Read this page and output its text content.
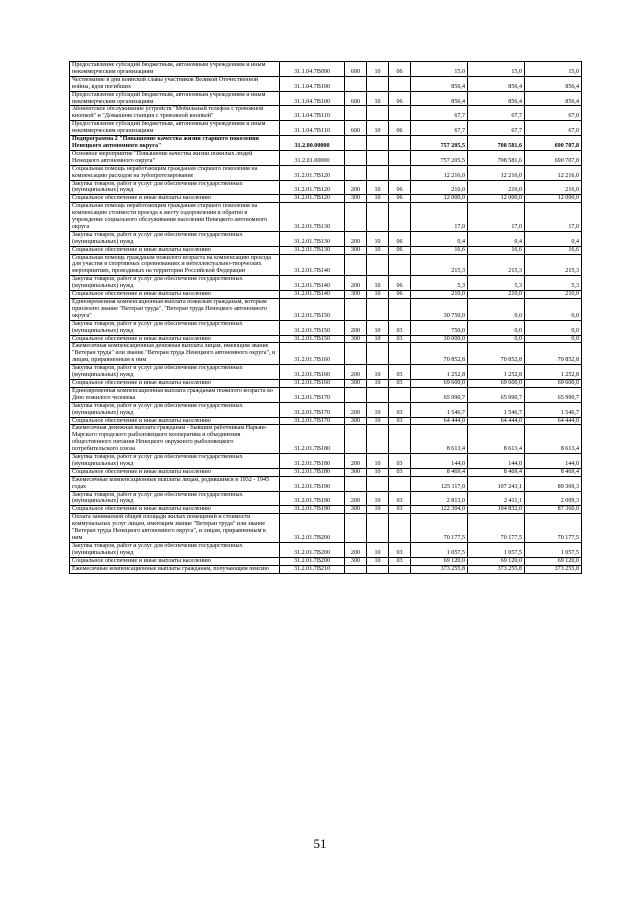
Предоставление субсидий бюджетным, автономным учреждениям и иным некоммерческим организациям	31.1.04.7В090	600	10	06	15,0	15,0	15,0
Чествование в дни воинской славы участников Великой Отечественной войны, вдов погибших	31.1.04.7В100				856,4	856,4	856,4
Предоставление субсидий бюджетным, автономным учреждениям и иным некоммерческим организациям	31.1.04.7В100	600	10	06	856,4	856,4	856,4
Абонентское обслуживание устройств "Мобильный телефон с тревожной кнопкой" и "Домашняя станция с тревожной кнопкой"	31.1.04.7В110				67,7	67,7	67,0
Предоставление субсидий бюджетным, автономным учреждениям и иным некоммерческим организациям	31.1.04.7В110	600	10	06	67,7	67,7	67,0
Подпрограмма 2 "Повышение качества жизни старшего поколения Ненецкого автономного округа"	31.2.00.00000				757 205,5	708 581,6	690 707,8
Основное мероприятие "Повышение качества жизни пожилых людей Ненецкого автономного округа"	31.2.01.00000				757 205,5	708 581,6	690 707,8
Социальная помощь неработающим гражданам старшего поколения на компенсацию расходов на зубопротезирование	31.2.01.7В120				12 216,0	12 216,0	12 216,0
Закупка товаров, работ и услуг для обеспечения государственных (муниципальных) нужд	31.2.01.7В120	200	10	06	216,0	216,0	216,0
Социальное обеспечение и иные выплаты населению	31.2.01.7В120	300	10	06	12 000,0	12 000,0	12 000,0
Социальная помощь неработающим гражданам старшего поколения на компенсацию стоимости проезда к месту оздоровления и обратно в учреждение социального обслуживания населения Ненецкого автономного округа	31.2.01.7В130				17,0	17,0	17,0
Закупка товаров, работ и услуг для обеспечения государственных (муниципальных) нужд	31.2.01.7В130	200	10	06	0,4	0,4	0,4
Социальное обеспечение и иные выплаты населению	31.2.01.7В130	300	10	06	16,6	16,6	16,6
Социальная помощь гражданам пожилого возраста на компенсацию проезда для участия в спортивных соревнованиях и интеллектуально-творческих мероприятиях, проводимых на территории Российской Федерации	31.2.01.7В140				215,3	215,3	215,3
Закупка товаров, работ и услуг для обеспечения государственных (муниципальных) нужд	31.2.01.7В140	200	10	06	5,3	5,3	5,3
Социальное обеспечение и иные выплаты населению	31.2.01.7В140	300	10	06	210,0	210,0	210,0
Единовременная компенсационная выплата пожилым гражданам, которым присвоено звание "Ветеран труда", "Ветеран труда Ненецкого автономного округа"	31.2.01.7В150				30 750,0	0,0	0,0
Закупка товаров, работ и услуг для обеспечения государственных (муниципальных) нужд	31.2.01.7В150	200	10	03	750,0	0,0	0,0
Социальное обеспечение и иные выплаты населению	31.2.01.7В150	300	10	03	30 000,0	0,0	0,0
Ежемесячная компенсационная денежная выплата лицам, имеющим звание "Ветеран труда" или звание "Ветеран труда Ненецкого автономного округа", и лицам, приравненным к ним	31.2.01.7В160				70 852,8	70 852,8	70 852,8
Закупка товаров, работ и услуг для обеспечения государственных (муниципальных) нужд	31.2.01.7В160	200	10	03	1 252,8	1 252,8	1 252,8
Социальное обеспечение и иные выплаты населению	31.2.01.7В160	300	10	03	69 600,0	69 600,0	69 600,0
Единовременная компенсационная выплата гражданам пожилого возраста ко Дню пожилого человека	31.2.01.7В170				65 990,7	65 990,7	65 990,7
Закупка товаров, работ и услуг для обеспечения государственных (муниципальных) нужд	31.2.01.7В170	200	10	03	1 546,7	1 546,7	1 546,7
Социальное обеспечение и иные выплаты населению	31.2.01.7В170	300	10	03	64 444,0	64 444,0	64 444,0
Ежемесячная денежная выплата гражданам - бывшим работникам Нарьян-Марского городского рыболовецкого кооператива и объединения общественного питания Ненецкого окружного рыболовецкого потребительского союза	31.2.01.7В180				8 613,4	8 613,4	8 613,4
Закупка товаров, работ и услуг для обеспечения государственных (муниципальных) нужд	31.2.01.7В180	200	10	03	144,0	144,0	144,0
Социальное обеспечение и иные выплаты населению	31.2.01.7В180	300	10	03	8 469,4	8 469,4	8 469,4
Ежемесячные компенсационные выплаты лицам, родившимся в 1932 - 1945 годах	31.2.01.7В190				125 117,0	107 243,1	89 369,3
Закупка товаров, работ и услуг для обеспечения государственных (муниципальных) нужд	31.2.01.7В190	200	10	03	2 813,0	2 411,1	2 009,3
Социальное обеспечение и иные выплаты населению	31.2.01.7В190	300	10	03	122 304,0	104 832,0	87 360,0
Оплата занимаемой общей площади жилых помещений и стоимости коммунальных услуг лицам, имеющим звание "Ветеран труда" или звание "Ветеран труда Ненецкого автономного округа", и лицам, приравненным к ним	31.2.01.7В200				70 177,5	70 177,5	70 177,5
Закупка товаров, работ и услуг для обеспечения государственных (муниципальных) нужд	31.2.01.7В200	200	10	03	1 057,5	1 057,5	1 057,5
Социальное обеспечение и иные выплаты населению	31.2.01.7В200	300	10	03	69 120,0	69 120,0	69 120,0
Ежемесячные компенсационные выплаты гражданам, получающим пенсию	31.2.01.7В210				373 255,8	373 255,8	373 255,8
51
